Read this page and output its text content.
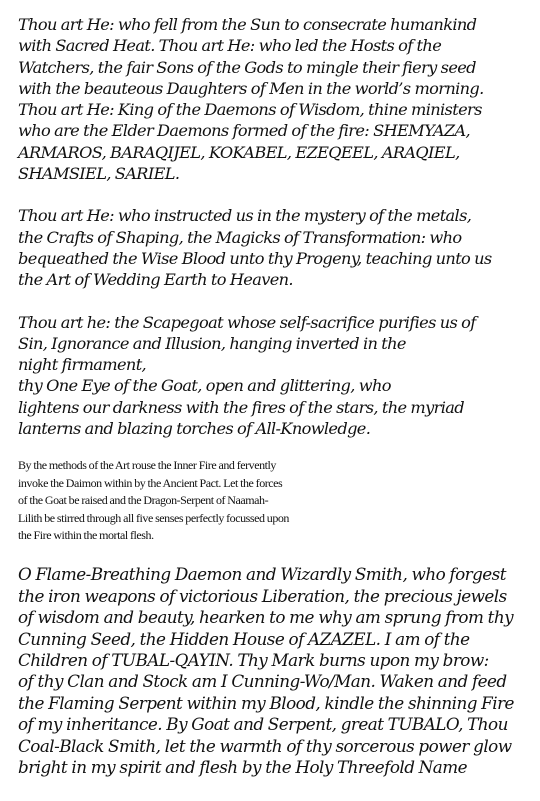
Thou art He: who fell from the Sun to consecrate humankind
with Sacred Heat. Thou art He: who led the Hosts of the
Watchers, the fair Sons of the Gods to mingle their fiery seed
with the beauteous Daughters of Men in the world’s morning.
Thou art He: King of the Daemons of Wisdom, thine ministers
who are the Elder Daemons formed of the fire: SHEMYAZA,
ARMAROS, BARAQIJEL, KOKABEL, EZEQEEL, ARAQIEL,
SHAMSIEL, SARIEL.

Thou art He: who instructed us in the mystery of the metals,
the Crafts of Shaping, the Magicks of Transformation: who
bequeathed the Wise Blood unto thy Progeny, teaching unto us
the Art of Wedding Earth to Heaven.

Thou art he: the Scapegoat whose self-sacrifice purifies us of
Sin, Ignorance and Illusion, hanging inverted in the
night firmament,
thy One Eye of the Goat, open and glittering, who
lightens our darkness with the fires of the stars, the myriad
lanterns and blazing torches of All-Knowledge.

By the methods of the Art rouse the Inner Fire and fervently
invoke the Daimon within by the Ancient Pact. Let the forces
of the Goat be raised and the Dragon-Serpent of Naamah-
Lilith be stirred through all five senses perfectly focussed upon
the Fire within the mortal flesh.

O Flame-Breathing Daemon and Wizardly Smith, who forgest
the iron weapons of victorious Liberation, the precious jewels
of wisdom and beauty, hearken to me why am sprung from thy
Cunning Seed, the Hidden House of AZAZEL. I am of the
Children of TUBAL-QAYIN. Thy Mark burns upon my brow:
of thy Clan and Stock am I Cunning-Wo/Man. Waken and feed
the Flaming Serpent within my Blood, kindle the shinning Fire
of my inheritance. By Goat and Serpent, great TUBALO, Thou
Coal-Black Smith, let the warmth of thy sorcerous power glow
bright in my spirit and flesh by the Holy Threefold Name
